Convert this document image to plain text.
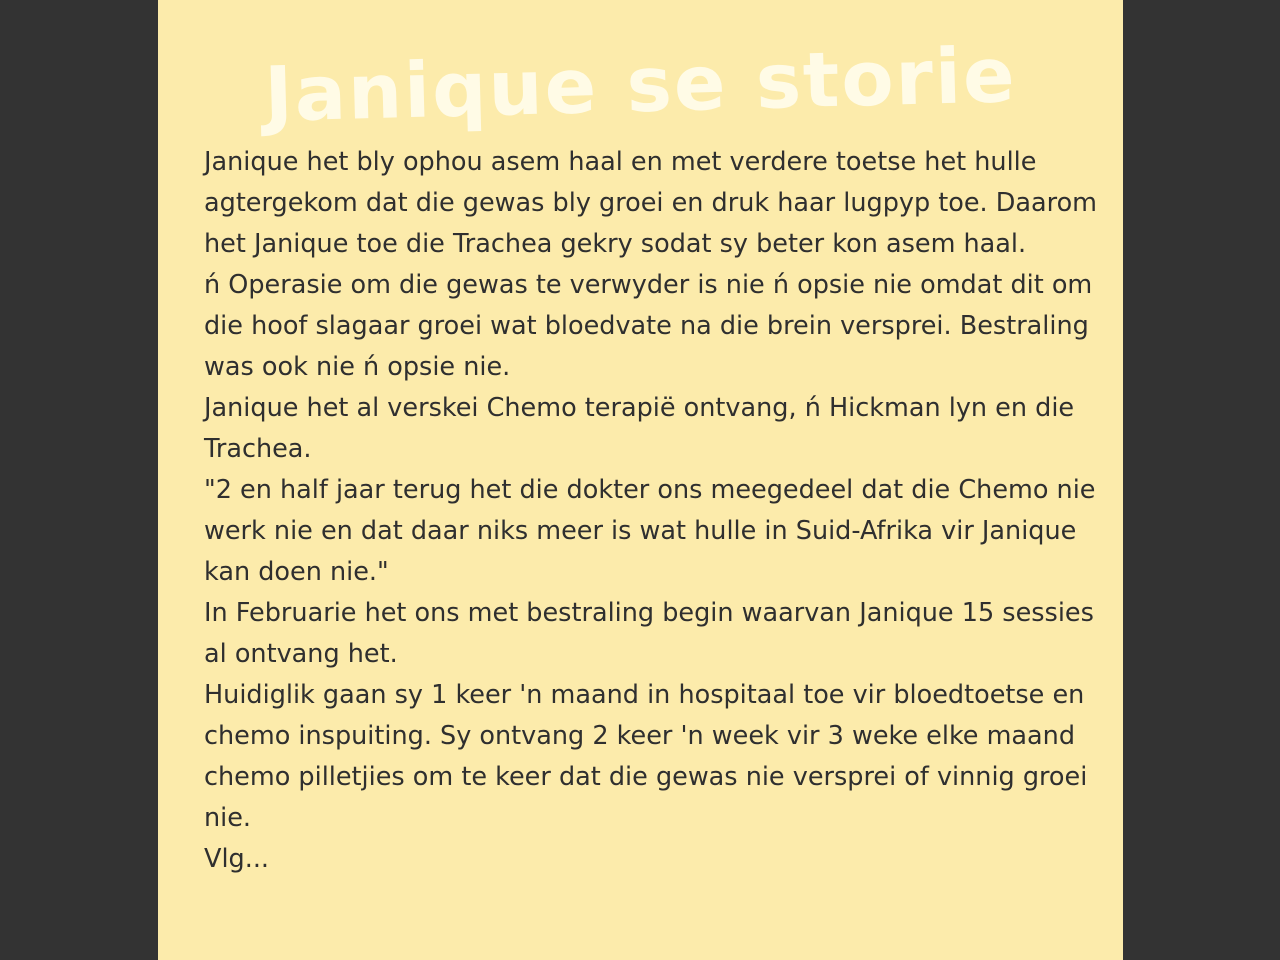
Janique se storie

Janique het bly ophou asem haal en met verdere toetse het hulle agtergekom dat die gewas bly groei en druk haar lugpyp toe. Daarom het Janique toe die Trachea gekry sodat sy beter kon asem haal.

ń Operasie om die gewas te verwyder is nie ń opsie nie omdat dit om die hoof slagaar groei wat bloedvate na die brein versprei. Bestraling was ook nie ń opsie nie.

Janique het al verskei Chemo terapië ontvang, ń Hickman lyn en die Trachea.

"2 en half jaar terug het die dokter ons meegedeel dat die Chemo nie werk nie en dat daar niks meer is wat hulle in Suid-Afrika vir Janique kan doen nie."

In Februarie het ons met bestraling begin waarvan Janique 15 sessies al ontvang het.

Huidiglik gaan sy 1 keer 'n maand in hospitaal toe vir bloedtoetse en chemo inspuiting. Sy ontvang 2 keer 'n week vir 3 weke elke maand chemo pilletjies om te keer dat die gewas nie versprei of vinnig groei nie.

Vlg...
